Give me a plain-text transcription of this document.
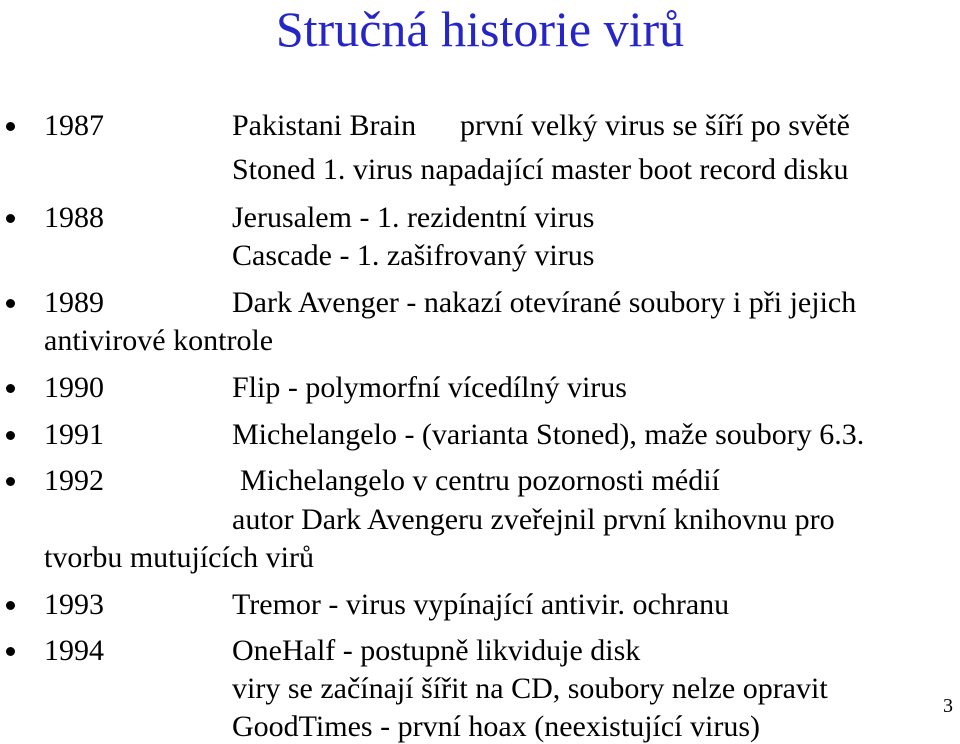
Stručná historie virů
1987	Pakistani Brain první velký virus se šíří po světě
Stoned 1. virus napadající master boot record disku
1988	Jerusalem - 1. rezidentní virus
Cascade - 1. zašifrovaný virus
1989	Dark Avenger - nakazí otevírané soubory i při jejich
antivirové kontrole
1990	Flip - polymorfní vícedílný virus
1991	Michelangelo - (varianta Stoned), maže soubory 6.3.
1992	Michelangelo v centru pozornosti médií
autor Dark Avengeru zveřejnil první knihovnu pro
tvorbu mutujících virů
1993	Tremor - virus vypínající antivir. ochranu
1994	OneHalf - postupně likviduje disk
viry se začínají šířit na CD, soubory nelze opravit
GoodTimes - první hoax (neexistující virus)
3
